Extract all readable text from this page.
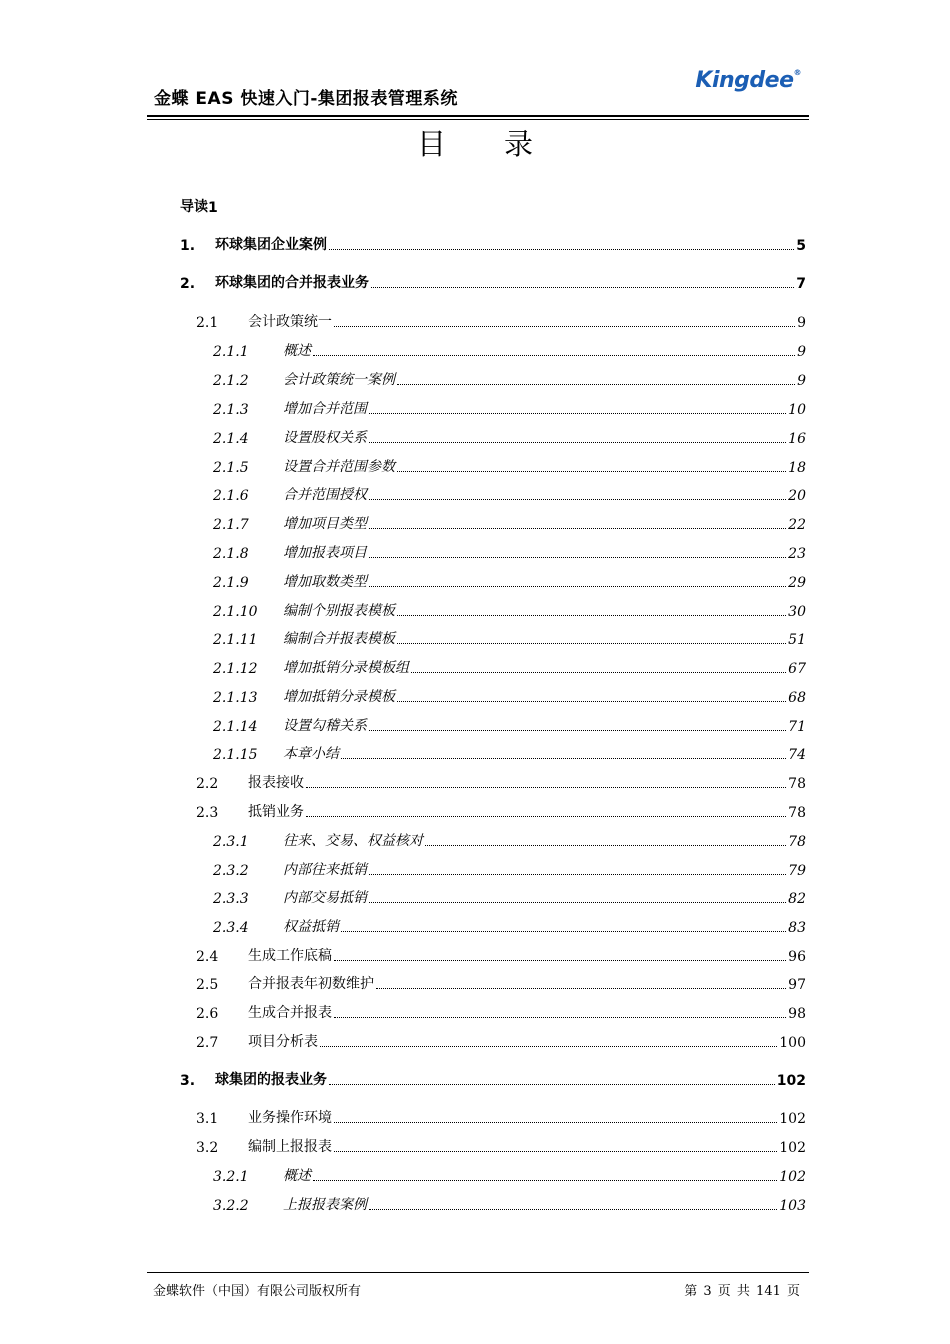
金蝶 EAS 快速入门-集团报表管理系统
Kingdee®
目　　录
导读 1
1.	环球集团企业案例	5
2.	环球集团的合并报表业务	7
2.1	会计政策统一	9
2.1.1	概述	9
2.1.2	会计政策统一案例	9
2.1.3	增加合并范围	10
2.1.4	设置股权关系	16
2.1.5	设置合并范围参数	18
2.1.6	合并范围授权	20
2.1.7	增加项目类型	22
2.1.8	增加报表项目	23
2.1.9	增加取数类型	29
2.1.10	编制个别报表模板	30
2.1.11	编制合并报表模板	51
2.1.12	增加抵销分录模板组	67
2.1.13	增加抵销分录模板	68
2.1.14	设置勾稽关系	71
2.1.15	本章小结	74
2.2	报表接收	78
2.3	抵销业务	78
2.3.1	往来、交易、权益核对	78
2.3.2	内部往来抵销	79
2.3.3	内部交易抵销	82
2.3.4	权益抵销	83
2.4	生成工作底稿	96
2.5	合并报表年初数维护	97
2.6	生成合并报表	98
2.7	项目分析表	100
3.	球集团的报表业务	102
3.1	业务操作环境	102
3.2	编制上报报表	102
3.2.1	概述	102
3.2.2	上报报表案例	103
金蝶软件（中国）有限公司版权所有	第 3 页 共 141 页
